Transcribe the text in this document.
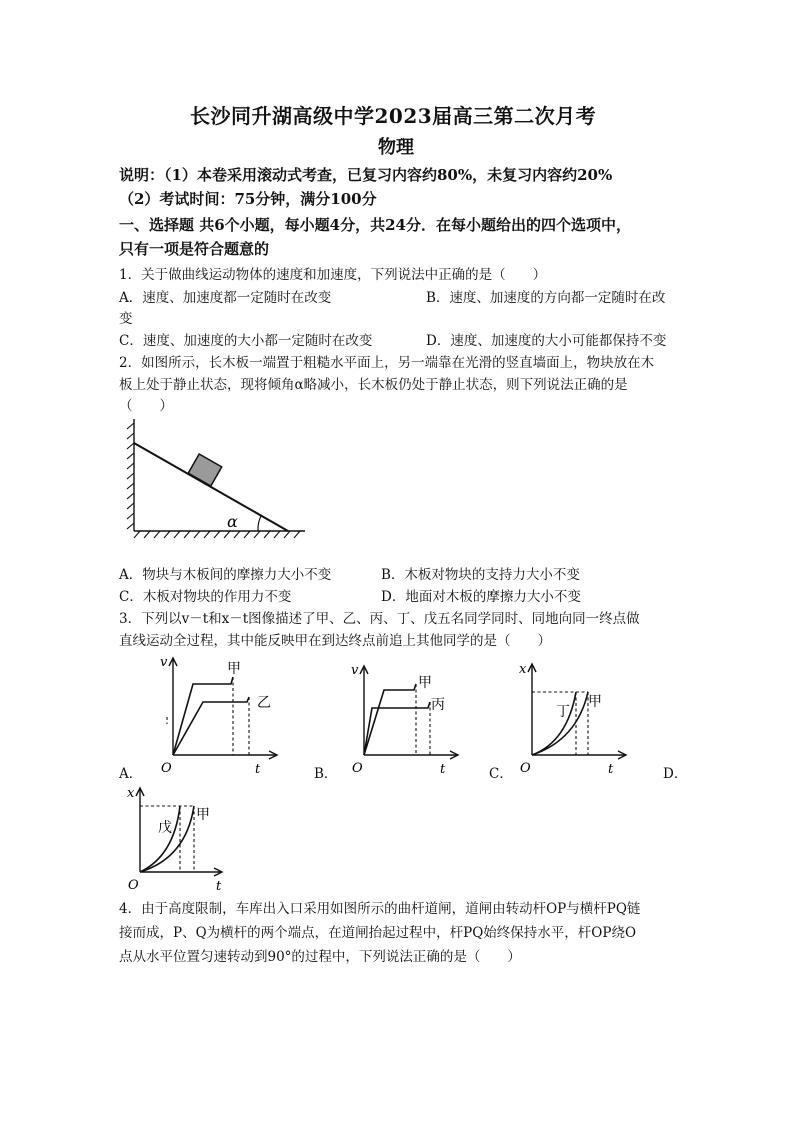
长沙同升湖高级中学2023届高三第二次月考
物理
说明：（1）本卷采用滚动式考查，已复习内容约80%，未复习内容约20%
（2）考试时间：75分钟，满分100分
一、选择题 共6个小题，每小题4分，共24分．在每小题给出的四个选项中，
只有一项是符合题意的
1．关于做曲线运动物体的速度和加速度，下列说法中正确的是（　　）
A．速度、加速度都一定随时在改变	B．速度、加速度的方向都一定随时在改
变
C．速度、加速度的大小都一定随时在改变	D．速度、加速度的大小可能都保持不变
2．如图所示，长木板一端置于粗糙水平面上，另一端靠在光滑的竖直墙面上，物块放在木
板上处于静止状态，现将倾角α略减小，长木板仍处于静止状态，则下列说法正确的是
（　　）
α
A．物块与木板间的摩擦力大小不变	B．木板对物块的支持力大小不变
C．木板对物块的作用力不变	D．地面对木板的摩擦力大小不变
3．下列以v－t和x－t图像描述了甲、乙、丙、丁、戊五名同学同时、同地向同一终点做
直线运动全过程，其中能反映甲在到达终点前追上其他同学的是（　　）
A．
v
t
O
甲
乙
B．
v
t
O
甲
丙
C．
x
t
O
丁
甲
D．
x
t
O
戊
甲
4．由于高度限制，车库出入口采用如图所示的曲杆道闸，道闸由转动杆OP与横杆PQ链
接而成，P、Q为横杆的两个端点，在道闸抬起过程中，杆PQ始终保持水平，杆OP绕O
点从水平位置匀速转动到90°的过程中，下列说法正确的是（　　）
